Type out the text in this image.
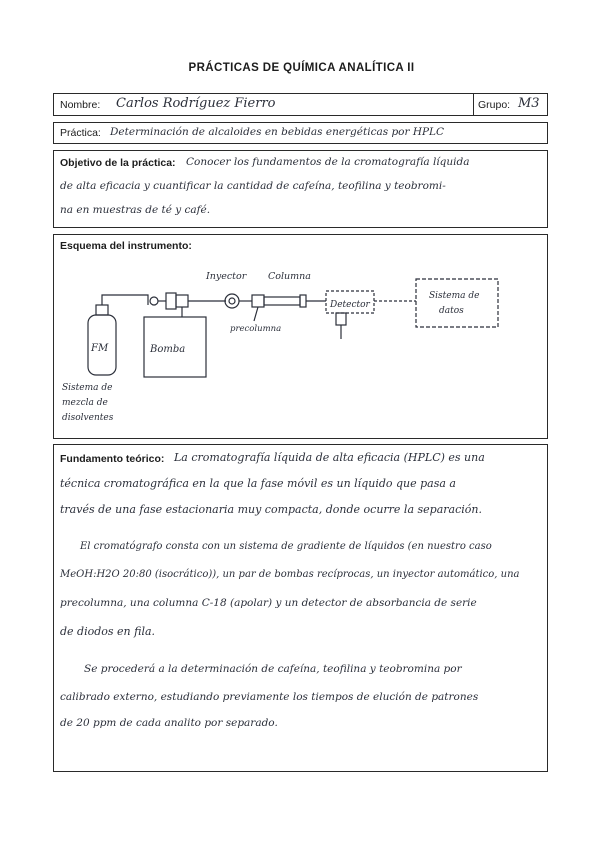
PRÁCTICAS DE QUÍMICA ANALÍTICA II
Nombre: Carlos Rodríguez Fierro	Grupo: M3
Práctica: Determinación de alcaloides en bebidas energéticas por HPLC
Objetivo de la práctica: Conocer los fundamentos de la cromatografía líquida
de alta eficacia y cuantificar la cantidad de cafeína, teofilina y teobromi-
na en muestras de té y café.
Esquema del instrumento:
FM
Sistema de
mezcla de
disolventes
Bomba
Inyector
precolumna
Columna
Detector
Sistema de
datos
Fundamento teórico: La cromatografía líquida de alta eficacia (HPLC) es una
técnica cromatográfica en la que la fase móvil es un líquido que pasa a
través de una fase estacionaria muy compacta, donde ocurre la separación.
El cromatógrafo consta con un sistema de gradiente de líquidos (en nuestro caso
MeOH:H2O 20:80 (isocrático)), un par de bombas recíprocas, un inyector automático, una
precolumna, una columna C-18 (apolar) y un detector de absorbancia de serie
de diodos en fila.
Se procederá a la determinación de cafeína, teofilina y teobromina por
calibrado externo, estudiando previamente los tiempos de elución de patrones
de 20 ppm de cada analito por separado.
